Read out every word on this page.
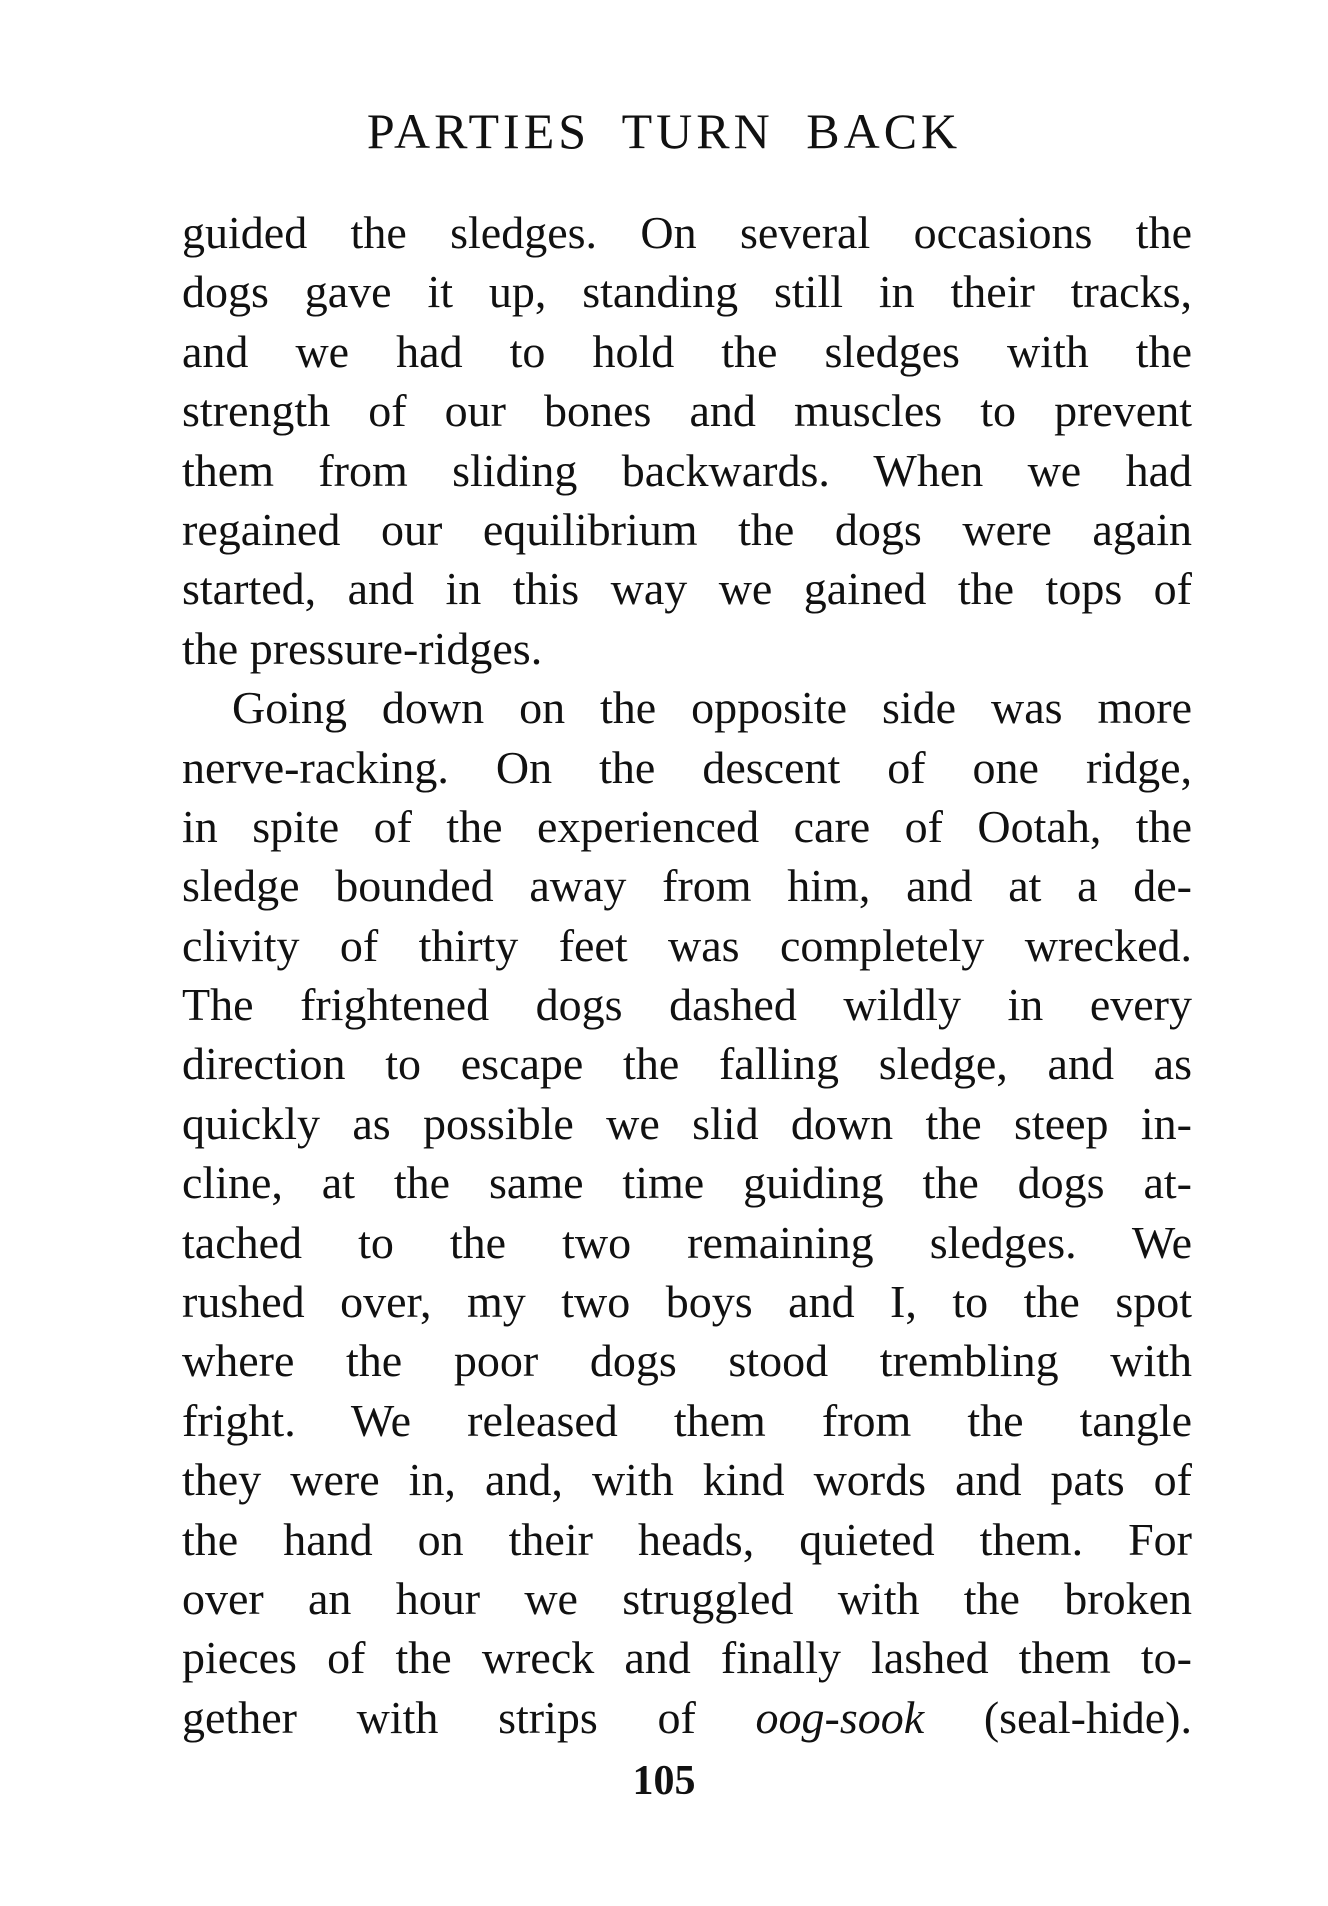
PARTIES TURN BACK
guided the sledges. On several occasions the
dogs gave it up, standing still in their tracks,
and we had to hold the sledges with the
strength of our bones and muscles to prevent
them from sliding backwards. When we had
regained our equilibrium the dogs were again
started, and in this way we gained the tops of
the pressure-ridges.
Going down on the opposite side was more
nerve-racking. On the descent of one ridge,
in spite of the experienced care of Ootah, the
sledge bounded away from him, and at a de-
clivity of thirty feet was completely wrecked.
The frightened dogs dashed wildly in every
direction to escape the falling sledge, and as
quickly as possible we slid down the steep in-
cline, at the same time guiding the dogs at-
tached to the two remaining sledges. We
rushed over, my two boys and I, to the spot
where the poor dogs stood trembling with
fright. We released them from the tangle
they were in, and, with kind words and pats of
the hand on their heads, quieted them. For
over an hour we struggled with the broken
pieces of the wreck and finally lashed them to-
gether with strips of oog-sook (seal-hide).
105
